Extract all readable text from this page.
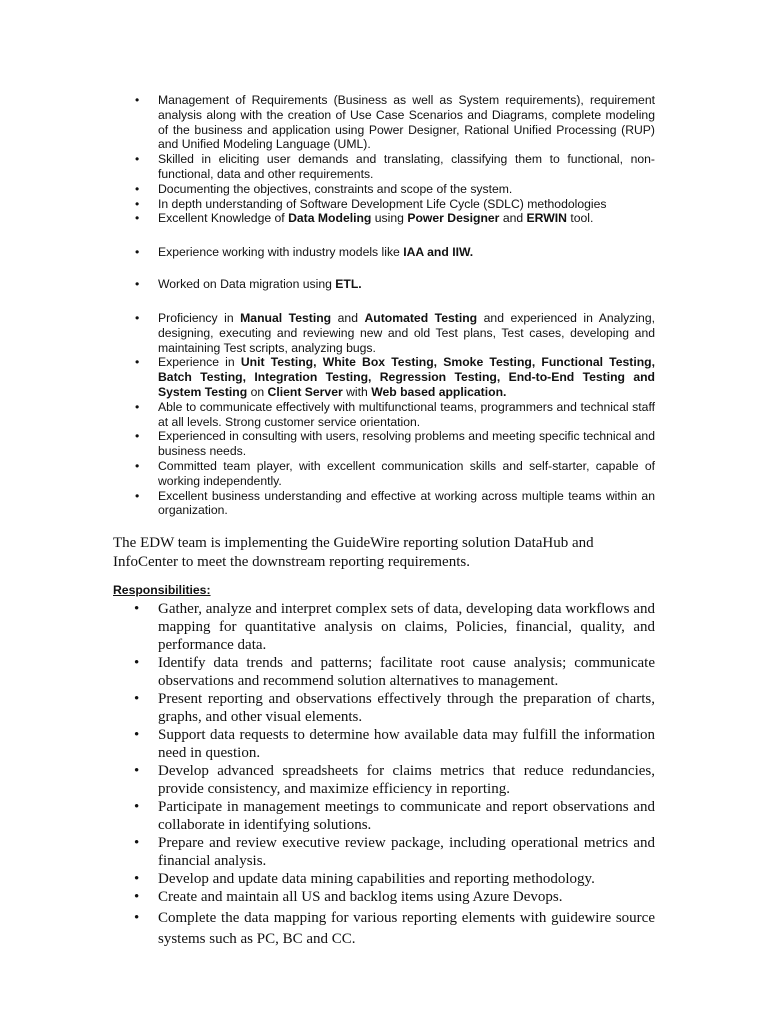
• Management of Requirements (Business as well as System requirements), requirement analysis along with the creation of Use Case Scenarios and Diagrams, complete modeling of the business and application using Power Designer, Rational Unified Processing (RUP) and Unified Modeling Language (UML).
• Skilled in eliciting user demands and translating, classifying them to functional, non-functional, data and other requirements.
• Documenting the objectives, constraints and scope of the system.
• In depth understanding of Software Development Life Cycle (SDLC) methodologies
• Excellent Knowledge of Data Modeling using Power Designer and ERWIN tool.
• Experience working with industry models like IAA and IIW.
• Worked on Data migration using ETL.
• Proficiency in Manual Testing and Automated Testing and experienced in Analyzing, designing, executing and reviewing new and old Test plans, Test cases, developing and maintaining Test scripts, analyzing bugs.
• Experience in Unit Testing, White Box Testing, Smoke Testing, Functional Testing, Batch Testing, Integration Testing, Regression Testing, End-to-End Testing and System Testing on Client Server with Web based application.
• Able to communicate effectively with multifunctional teams, programmers and technical staff at all levels. Strong customer service orientation.
• Experienced in consulting with users, resolving problems and meeting specific technical and business needs.
• Committed team player, with excellent communication skills and self-starter, capable of working independently.
• Excellent business understanding and effective at working across multiple teams within an organization.
The EDW team is implementing the GuideWire reporting solution DataHub and InfoCenter to meet the downstream reporting requirements.
Responsibilities:
• Gather, analyze and interpret complex sets of data, developing data workflows and mapping for quantitative analysis on claims, Policies, financial, quality, and performance data.
• Identify data trends and patterns; facilitate root cause analysis; communicate observations and recommend solution alternatives to management.
• Present reporting and observations effectively through the preparation of charts, graphs, and other visual elements.
• Support data requests to determine how available data may fulfill the information need in question.
• Develop advanced spreadsheets for claims metrics that reduce redundancies, provide consistency, and maximize efficiency in reporting.
• Participate in management meetings to communicate and report observations and collaborate in identifying solutions.
• Prepare and review executive review package, including operational metrics and financial analysis.
• Develop and update data mining capabilities and reporting methodology.
• Create and maintain all US and backlog items using Azure Devops.
• Complete the data mapping for various reporting elements with guidewire source systems such as PC, BC and CC.
